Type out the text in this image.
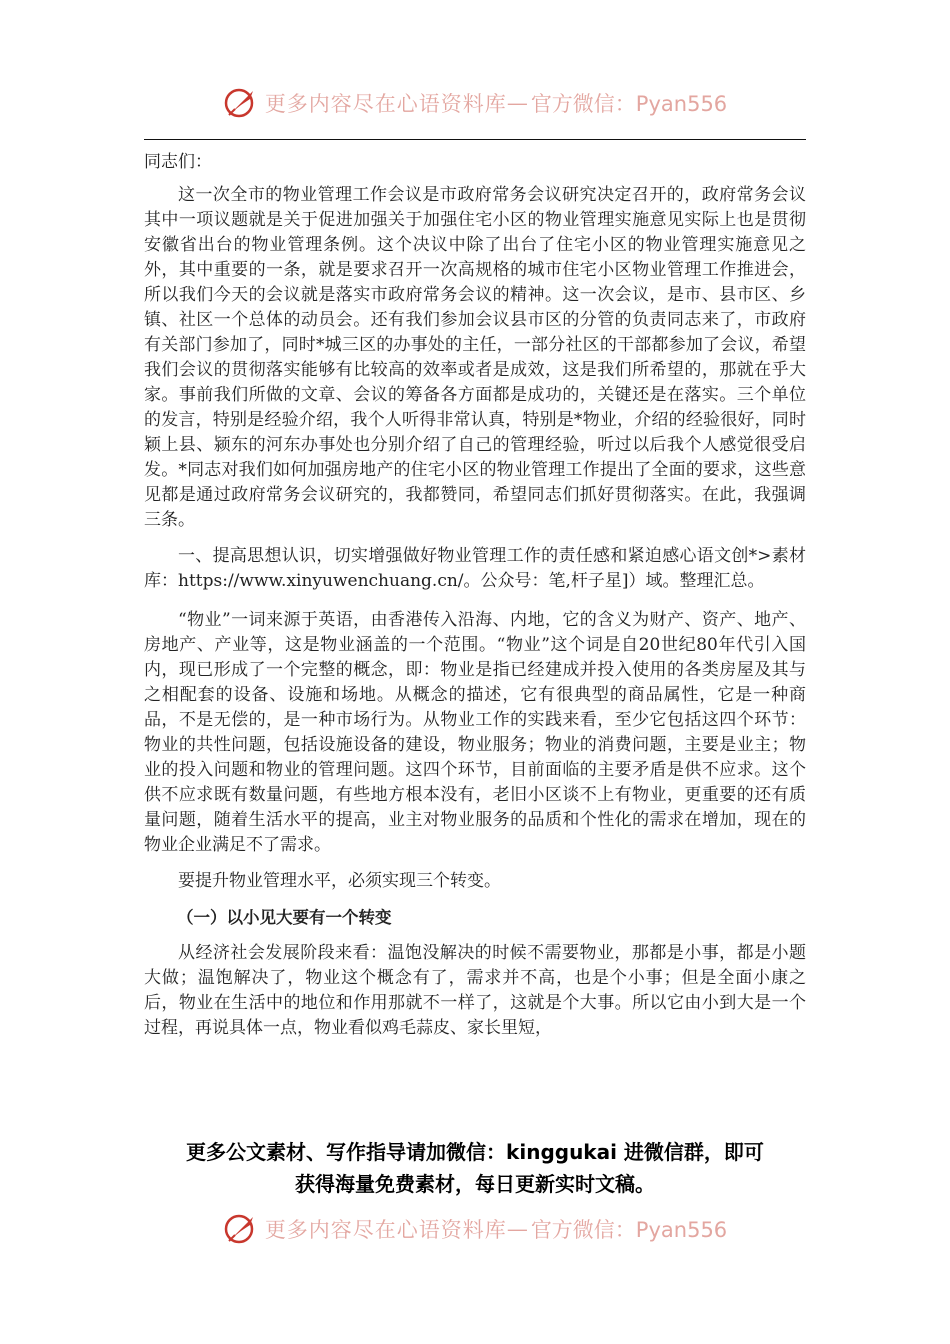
更多内容尽在心语资料库 — 官方微信：Pyan556

同志们：

这一次全市的物业管理工作会议是市政府常务会议研究决定召开的，政府常务会议其中一项议题就是关于促进加强关于加强住宅小区的物业管理实施意见实际上也是贯彻安徽省出台的物业管理条例。这个决议中除了出台了住宅小区的物业管理实施意见之外，其中重要的一条，就是要求召开一次高规格的城市住宅小区物业管理工作推进会，所以我们今天的会议就是落实市政府常务会议的精神。这一次会议，是市、县市区、乡镇、社区一个总体的动员会。还有我们参加会议县市区的分管的负责同志来了，市政府有关部门参加了，同时*城三区的办事处的主任，一部分社区的干部都参加了会议，希望我们会议的贯彻落实能够有比较高的效率或者是成效，这是我们所希望的，那就在乎大家。事前我们所做的文章、会议的筹备各方面都是成功的，关键还是在落实。三个单位的发言，特别是经验介绍，我个人听得非常认真，特别是*物业，介绍的经验很好，同时颖上县、颍东的河东办事处也分别介绍了自己的管理经验，听过以后我个人感觉很受启发。*同志对我们如何加强房地产的住宅小区的物业管理工作提出了全面的要求，这些意见都是通过政府常务会议研究的，我都赞同，希望同志们抓好贯彻落实。在此，我强调三条。

一、提高思想认识，切实增强做好物业管理工作的责任感和紧迫感心语文创*>素材库：https://www.xinyuwenchuang.cn/。公众号：笔,杆子星]）域。整理汇总。

“物业”一词来源于英语，由香港传入沿海、内地，它的含义为财产、资产、地产、房地产、产业等，这是物业涵盖的一个范围。“物业”这个词是自20世纪80年代引入国内，现已形成了一个完整的概念，即：物业是指已经建成并投入使用的各类房屋及其与之相配套的设备、设施和场地。从概念的描述，它有很典型的商品属性，它是一种商品，不是无偿的，是一种市场行为。从物业工作的实践来看，至少它包括这四个环节：物业的共性问题，包括设施设备的建设，物业服务；物业的消费问题，主要是业主；物业的投入问题和物业的管理问题。这四个环节，目前面临的主要矛盾是供不应求。这个供不应求既有数量问题，有些地方根本没有，老旧小区谈不上有物业，更重要的还有质量问题，随着生活水平的提高，业主对物业服务的品质和个性化的需求在增加，现在的物业企业满足不了需求。

要提升物业管理水平，必须实现三个转变。

（一）以小见大要有一个转变

从经济社会发展阶段来看：温饱没解决的时候不需要物业，那都是小事，都是小题大做；温饱解决了，物业这个概念有了，需求并不高，也是个小事；但是全面小康之后，物业在生活中的地位和作用那就不一样了，这就是个大事。所以它由小到大是一个过程，再说具体一点，物业看似鸡毛蒜皮、家长里短，

更多公文素材、写作指导请加微信：kinggukai 进微信群，即可
获得海量免费素材，每日更新实时文稿。
更多内容尽在心语资料库 — 官方微信：Pyan556
